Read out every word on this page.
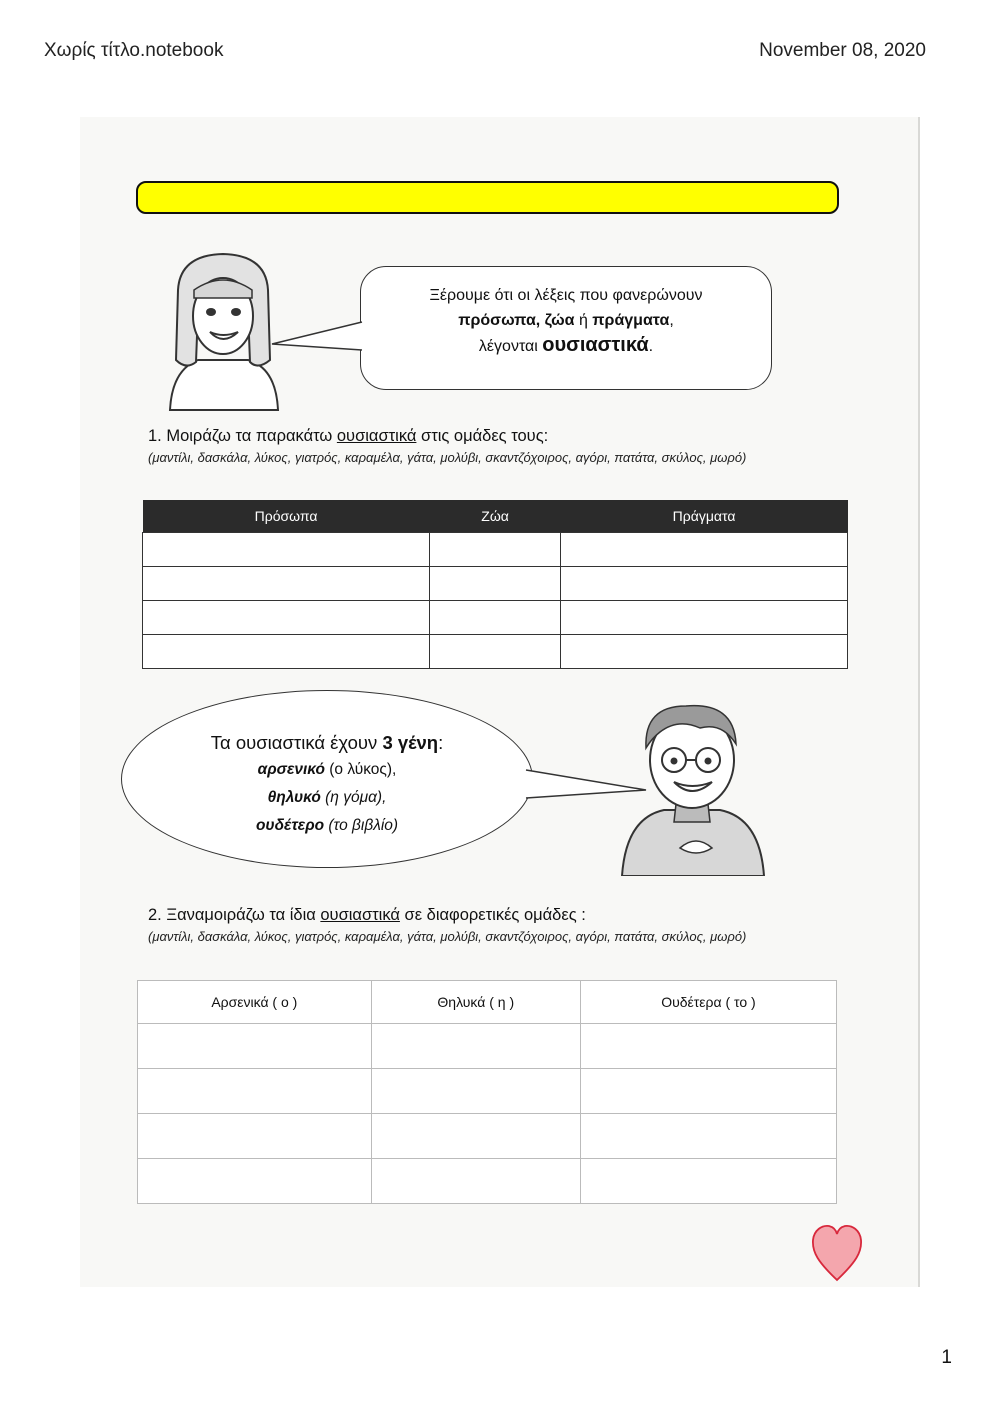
Χωρίς τίτλο.notebook	November 08, 2020
Ξέρουμε ότι οι λέξεις που φανερώνουν
πρόσωπα, ζώα ή πράγματα,
λέγονται ουσιαστικά.
1. Μοιράζω τα παρακάτω ουσιαστικά στις ομάδες τους:
(μαντίλι, δασκάλα, λύκος, γιατρός, καραμέλα, γάτα, μολύβι, σκαντζόχοιρος, αγόρι, πατάτα, σκύλος, μωρό)
Πρόσωπα	Ζώα	Πράγματα

Τα ουσιαστικά έχουν 3 γένη:
αρσενικό (ο λύκος),
θηλυκό (η γόμα),
ουδέτερο (το βιβλίο)
2. Ξαναμοιράζω τα ίδια ουσιαστικά σε διαφορετικές ομάδες :
(μαντίλι, δασκάλα, λύκος, γιατρός, καραμέλα, γάτα, μολύβι, σκαντζόχοιρος, αγόρι, πατάτα, σκύλος, μωρό)
Αρσενικά ( ο )	Θηλυκά ( η )	Ουδέτερα ( το )

1
